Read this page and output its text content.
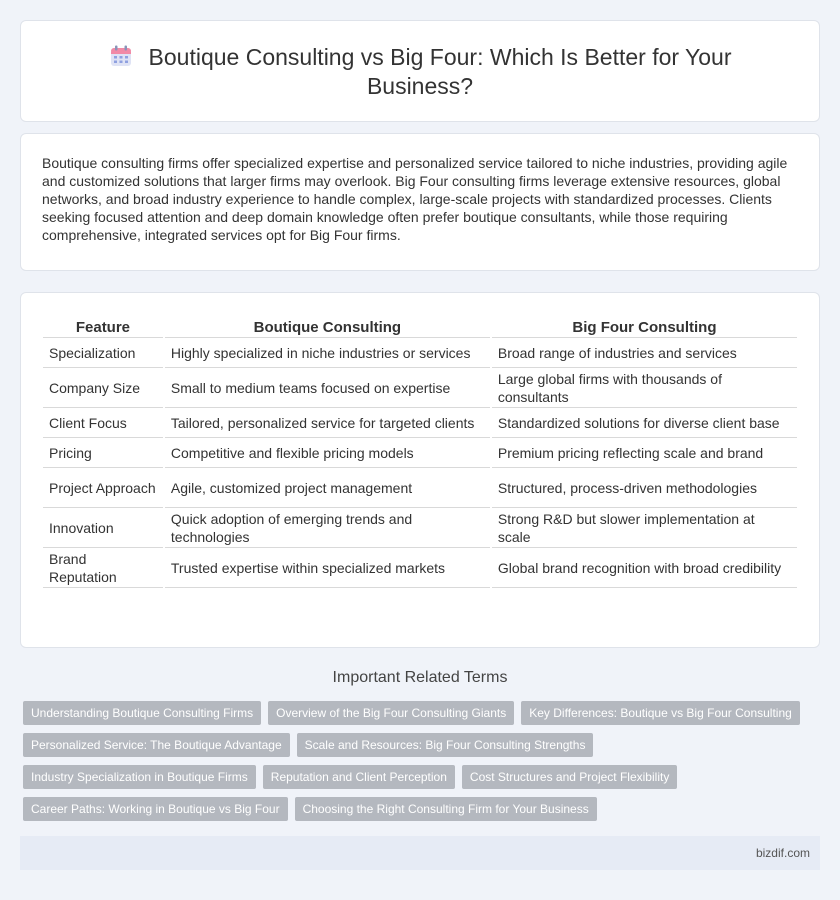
Boutique Consulting vs Big Four: Which Is Better for Your
Business?

Boutique consulting firms offer specialized expertise and personalized service tailored to niche industries, providing agile and customized solutions that larger firms may overlook. Big Four consulting firms leverage extensive resources, global networks, and broad industry experience to handle complex, large-scale projects with standardized processes. Clients seeking focused attention and deep domain knowledge often prefer boutique consultants, while those requiring comprehensive, integrated services opt for Big Four firms.

Feature	Boutique Consulting	Big Four Consulting
Specialization	Highly specialized in niche industries or services	Broad range of industries and services
Company Size	Small to medium teams focused on expertise	Large global firms with thousands of consultants
Client Focus	Tailored, personalized service for targeted clients	Standardized solutions for diverse client base
Pricing	Competitive and flexible pricing models	Premium pricing reflecting scale and brand
Project Approach	Agile, customized project management	Structured, process-driven methodologies
Innovation	Quick adoption of emerging trends and technologies	Strong R&D but slower implementation at scale
Brand Reputation	Trusted expertise within specialized markets	Global brand recognition with broad credibility
Important Related Terms
Understanding Boutique Consulting Firms	Overview of the Big Four Consulting Giants	Key Differences: Boutique vs Big Four Consulting
Personalized Service: The Boutique Advantage	Scale and Resources: Big Four Consulting Strengths
Industry Specialization in Boutique Firms	Reputation and Client Perception	Cost Structures and Project Flexibility
Career Paths: Working in Boutique vs Big Four	Choosing the Right Consulting Firm for Your Business
bizdif.com
